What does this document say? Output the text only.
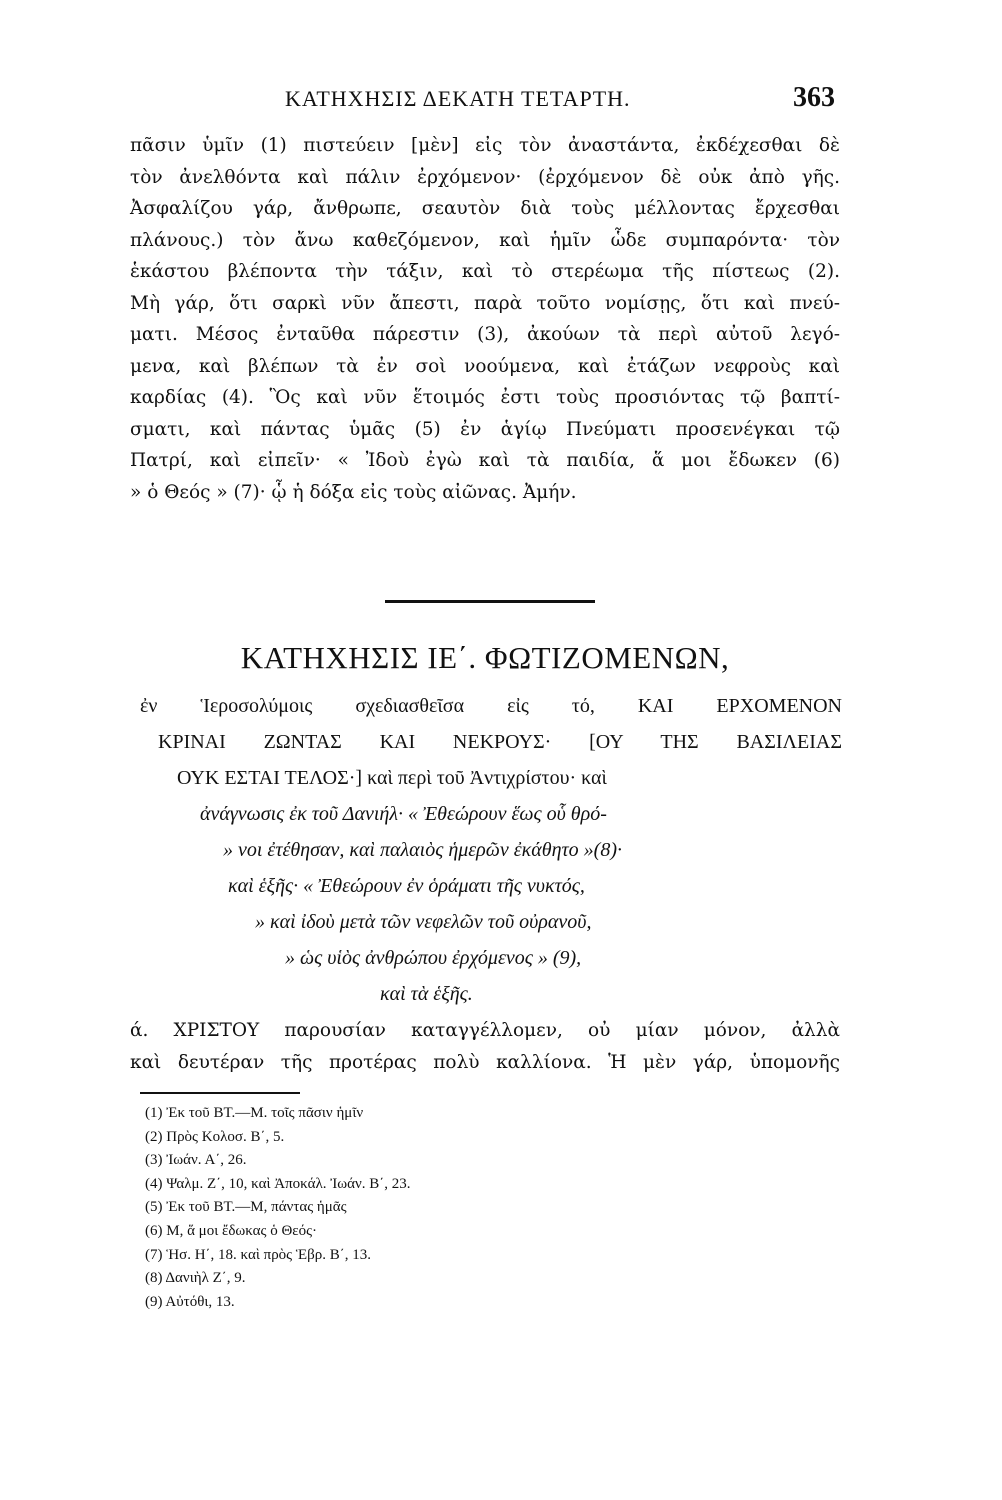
ΚΑΤΗΧΗΣΙΣ ΔΕΚΑΤΗ ΤΕΤΑΡΤΗ.	363
πᾶσιν ὑμῖν (1) πιστεύειν [μὲν] εἰς τὸν ἀναστάντα, ἐκδέχεσθαι δὲ
τὸν ἀνελθόντα καὶ πάλιν ἐρχόμενον· (ἐρχόμενον δὲ οὐκ ἀπὸ γῆς.
Ἀσφαλίζου γάρ, ἄνθρωπε, σεαυτὸν διὰ τοὺς μέλλοντας ἔρχεσθαι
πλάνους.) τὸν ἄνω καθεζόμενον, καὶ ἡμῖν ὧδε συμπαρόντα· τὸν
ἑκάστου βλέποντα τὴν τάξιν, καὶ τὸ στερέωμα τῆς πίστεως (2).
Μὴ γάρ, ὅτι σαρκὶ νῦν ἄπεστι, παρὰ τοῦτο νομίσῃς, ὅτι καὶ πνεύ-
ματι. Μέσος ἐνταῦθα πάρεστιν (3), ἀκούων τὰ περὶ αὐτοῦ λεγό-
μενα, καὶ βλέπων τὰ ἐν σοὶ νοούμενα, καὶ ἐτάζων νεφροὺς καὶ
καρδίας (4). Ὃς καὶ νῦν ἕτοιμός ἐστι τοὺς προσιόντας τῷ βαπτί-
σματι, καὶ πάντας ὑμᾶς (5) ἐν ἁγίῳ Πνεύματι προσενέγκαι τῷ
Πατρί, καὶ εἰπεῖν· « Ἰδοὺ ἐγὼ καὶ τὰ παιδία, ἅ μοι ἔδωκεν (6)
» ὁ Θεός » (7)· ᾧ ἡ δόξα εἰς τοὺς αἰῶνας. Ἀμήν.
ΚΑΤΗΧΗΣΙΣ ΙΕ΄. ΦΩΤΙΖΟΜΕΝΩΝ,
ἐν Ἱεροσολύμοις σχεδιασθεῖσα εἰς τό, ΚΑΙ ΕΡΧΟΜΕΝΟΝ
ΚΡΙΝΑΙ ΖΩΝΤΑΣ ΚΑΙ ΝΕΚΡΟΥΣ· [ΟΥ ΤΗΣ ΒΑΣΙΛΕΙΑΣ
ΟΥΚ ΕΣΤΑΙ ΤΕΛΟΣ·] καὶ περὶ τοῦ Ἀντιχρίστου· καὶ
ἀνάγνωσις ἐκ τοῦ Δανιήλ· « Ἐθεώρουν ἕως οὗ θρό-
» νοι ἐτέθησαν, καὶ παλαιὸς ἡμερῶν ἐκάθητο »(8)·
καὶ ἑξῆς· « Ἐθεώρουν ἐν ὁράματι τῆς νυκτός,
» καὶ ἰδοὺ μετὰ τῶν νεφελῶν τοῦ οὐρανοῦ,
» ὡς υἱὸς ἀνθρώπου ἐρχόμενος » (9),
καὶ τὰ ἑξῆς.
ά. ΧΡΙΣΤΟΥ παρουσίαν καταγγέλλομεν, οὐ μίαν μόνον, ἀλλὰ
καὶ δευτέραν τῆς προτέρας πολὺ καλλίονα. Ἡ μὲν γάρ, ὑπομονῆς
(1) Ἐκ τοῦ ΒΤ.—Μ. τοῖς πᾶσιν ἡμῖν
(2) Πρὸς Κολοσ. Β΄, 5.
(3) Ἰωάν. Α΄, 26.
(4) Ψαλμ. Ζ΄, 10, καὶ Ἀποκάλ. Ἰωάν. Β΄, 23.
(5) Ἐκ τοῦ ΒΤ.—Μ, πάντας ἡμᾶς
(6) Μ, ἅ μοι ἔδωκας ὁ Θεός·
(7) Ἡσ. Η΄, 18. καὶ πρὸς Ἑβρ. Β΄, 13.
(8) Δανιὴλ Ζ΄, 9.
(9) Αὐτόθι, 13.
